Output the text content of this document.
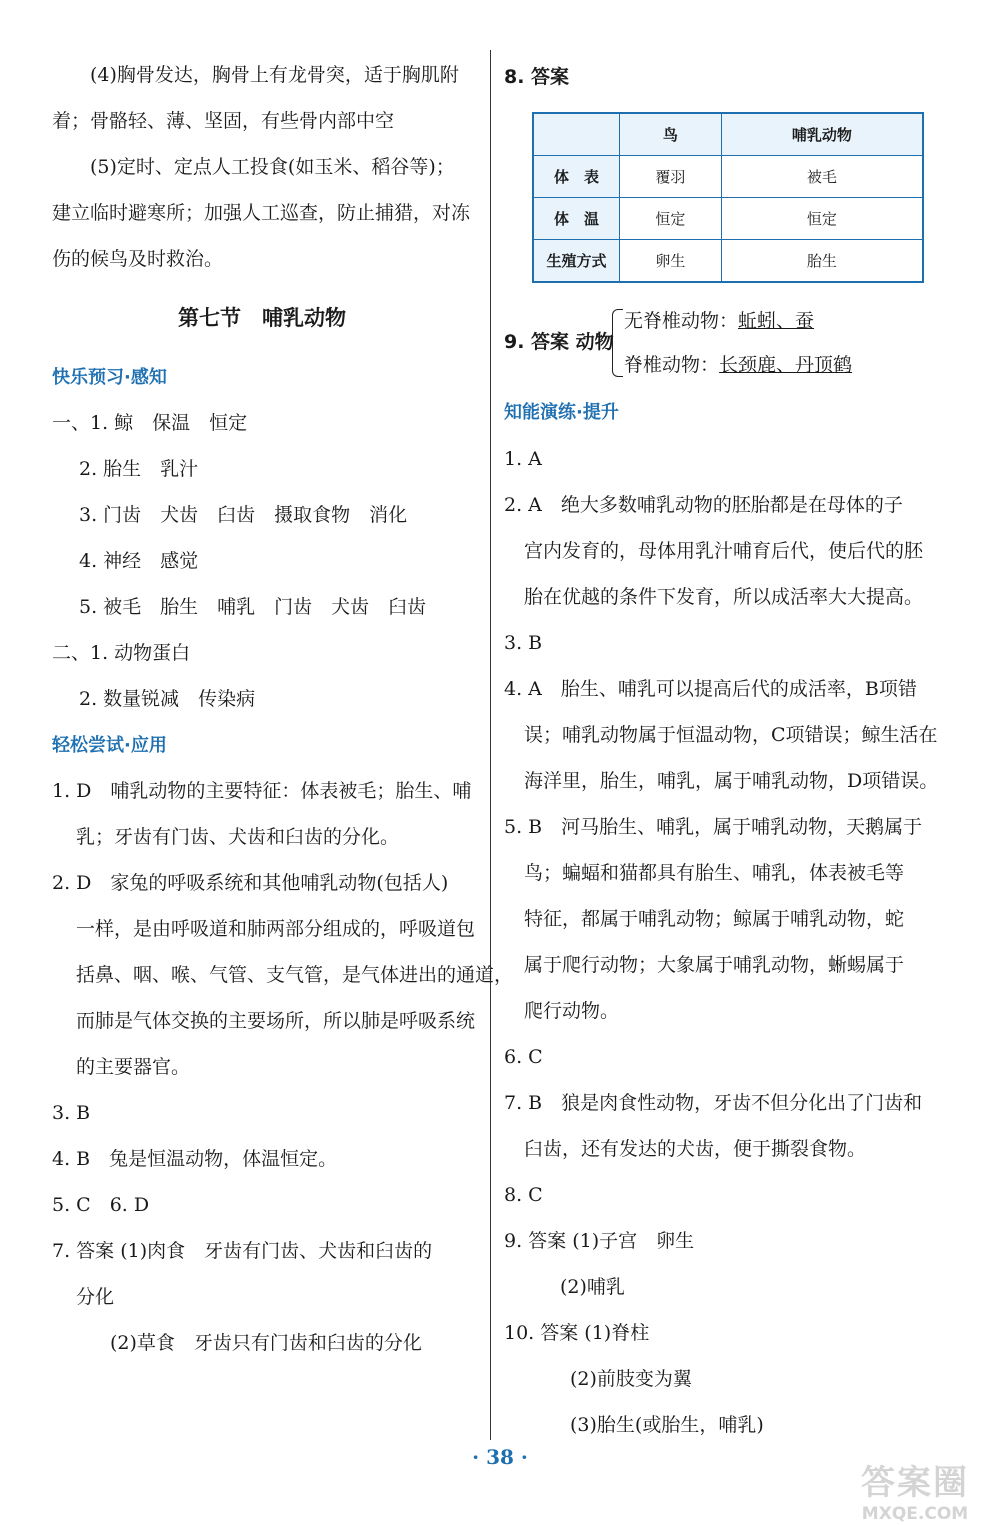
(4)胸骨发达，胸骨上有龙骨突，适于胸肌附
着；骨骼轻、薄、坚固，有些骨内部中空
(5)定时、定点人工投食(如玉米、稻谷等)；
建立临时避寒所；加强人工巡查，防止捕猎，对冻
伤的候鸟及时救治。
第七节　哺乳动物
快乐预习·感知
一、1. 鲸　保温　恒定
2. 胎生　乳汁
3. 门齿　犬齿　臼齿　摄取食物　消化
4. 神经　感觉
5. 被毛　胎生　哺乳　门齿　犬齿　臼齿
二、1. 动物蛋白
2. 数量锐减　传染病
轻松尝试·应用
1. D　哺乳动物的主要特征：体表被毛；胎生、哺
乳；牙齿有门齿、犬齿和臼齿的分化。
2. D　家兔的呼吸系统和其他哺乳动物(包括人)
一样，是由呼吸道和肺两部分组成的，呼吸道包
括鼻、咽、喉、气管、支气管，是气体进出的通道，
而肺是气体交换的主要场所，所以肺是呼吸系统
的主要器官。
3. B
4. B　兔是恒温动物，体温恒定。
5. C　6. D
7. 答案 (1)肉食　牙齿有门齿、犬齿和臼齿的
分化
(2)草食　牙齿只有门齿和臼齿的分化
8. 答案
	鸟	哺乳动物
体　表	覆羽	被毛
体　温	恒定	恒定
生殖方式	卵生	胎生
9. 答案 动物
无脊椎动物：蚯蚓、蚕
脊椎动物：长颈鹿、丹顶鹤
知能演练·提升
1. A
2. A　绝大多数哺乳动物的胚胎都是在母体的子
宫内发育的，母体用乳汁哺育后代，使后代的胚
胎在优越的条件下发育，所以成活率大大提高。
3. B
4. A　胎生、哺乳可以提高后代的成活率，B项错
误；哺乳动物属于恒温动物，C项错误；鲸生活在
海洋里，胎生，哺乳，属于哺乳动物，D项错误。
5. B　河马胎生、哺乳，属于哺乳动物，天鹅属于
鸟；蝙蝠和猫都具有胎生、哺乳，体表被毛等
特征，都属于哺乳动物；鲸属于哺乳动物，蛇
属于爬行动物；大象属于哺乳动物，蜥蜴属于
爬行动物。
6. C
7. B　狼是肉食性动物，牙齿不但分化出了门齿和
臼齿，还有发达的犬齿，便于撕裂食物。
8. C
9. 答案 (1)子宫　卵生
(2)哺乳
10. 答案 (1)脊柱
(2)前肢变为翼
(3)胎生(或胎生，哺乳)
· 38 ·
答案圈
MXQE.COM
